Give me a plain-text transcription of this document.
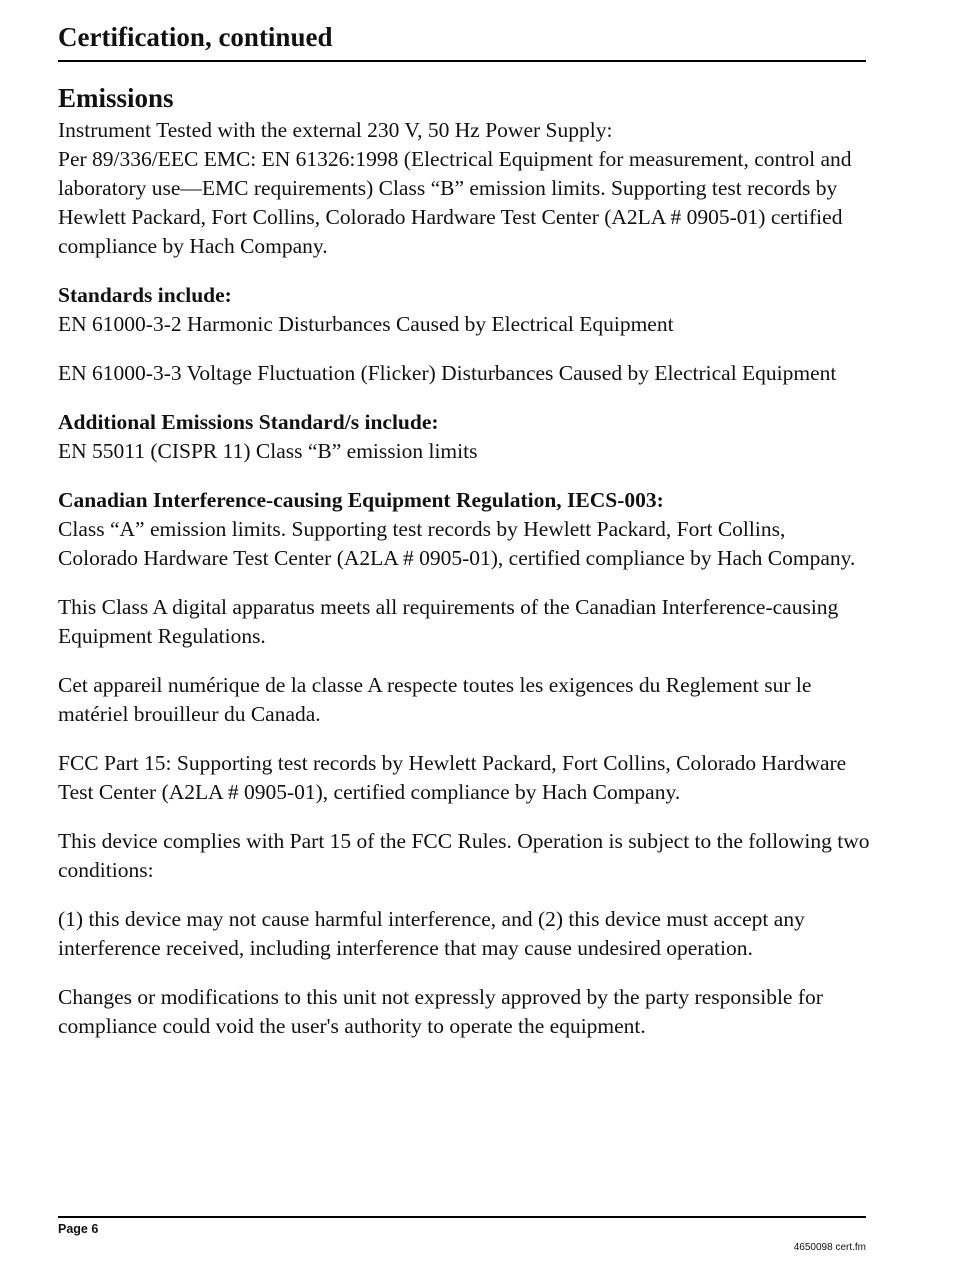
Certification, continued
Emissions

Instrument Tested with the external 230 V, 50 Hz Power Supply:

Per 89/336/EEC EMC: EN 61326:1998 (Electrical Equipment for measurement, control and laboratory use—EMC requirements) Class “B” emission limits. Supporting test records by Hewlett Packard, Fort Collins, Colorado Hardware Test Center (A2LA # 0905-01) certified compliance by Hach Company.

Standards include:

EN 61000-3-2 Harmonic Disturbances Caused by Electrical Equipment

EN 61000-3-3 Voltage Fluctuation (Flicker) Disturbances Caused by Electrical Equipment

Additional Emissions Standard/s include:

EN 55011 (CISPR 11) Class “B” emission limits

Canadian Interference-causing Equipment Regulation, IECS-003:

Class “A” emission limits. Supporting test records by Hewlett Packard, Fort Collins, Colorado Hardware Test Center (A2LA # 0905-01), certified compliance by Hach Company.

This Class A digital apparatus meets all requirements of the Canadian Interference-causing Equipment Regulations.

Cet appareil numérique de la classe A respecte toutes les exigences du Reglement sur le matériel brouilleur du Canada.

FCC Part 15: Supporting test records by Hewlett Packard, Fort Collins, Colorado Hardware Test Center (A2LA # 0905-01), certified compliance by Hach Company.

This device complies with Part 15 of the FCC Rules. Operation is subject to the following two conditions:

(1) this device may not cause harmful interference, and (2) this device must accept any interference received, including interference that may cause undesired operation.

Changes or modifications to this unit not expressly approved by the party responsible for compliance could void the user's authority to operate the equipment.

Page 6
4650098 cert.fm
